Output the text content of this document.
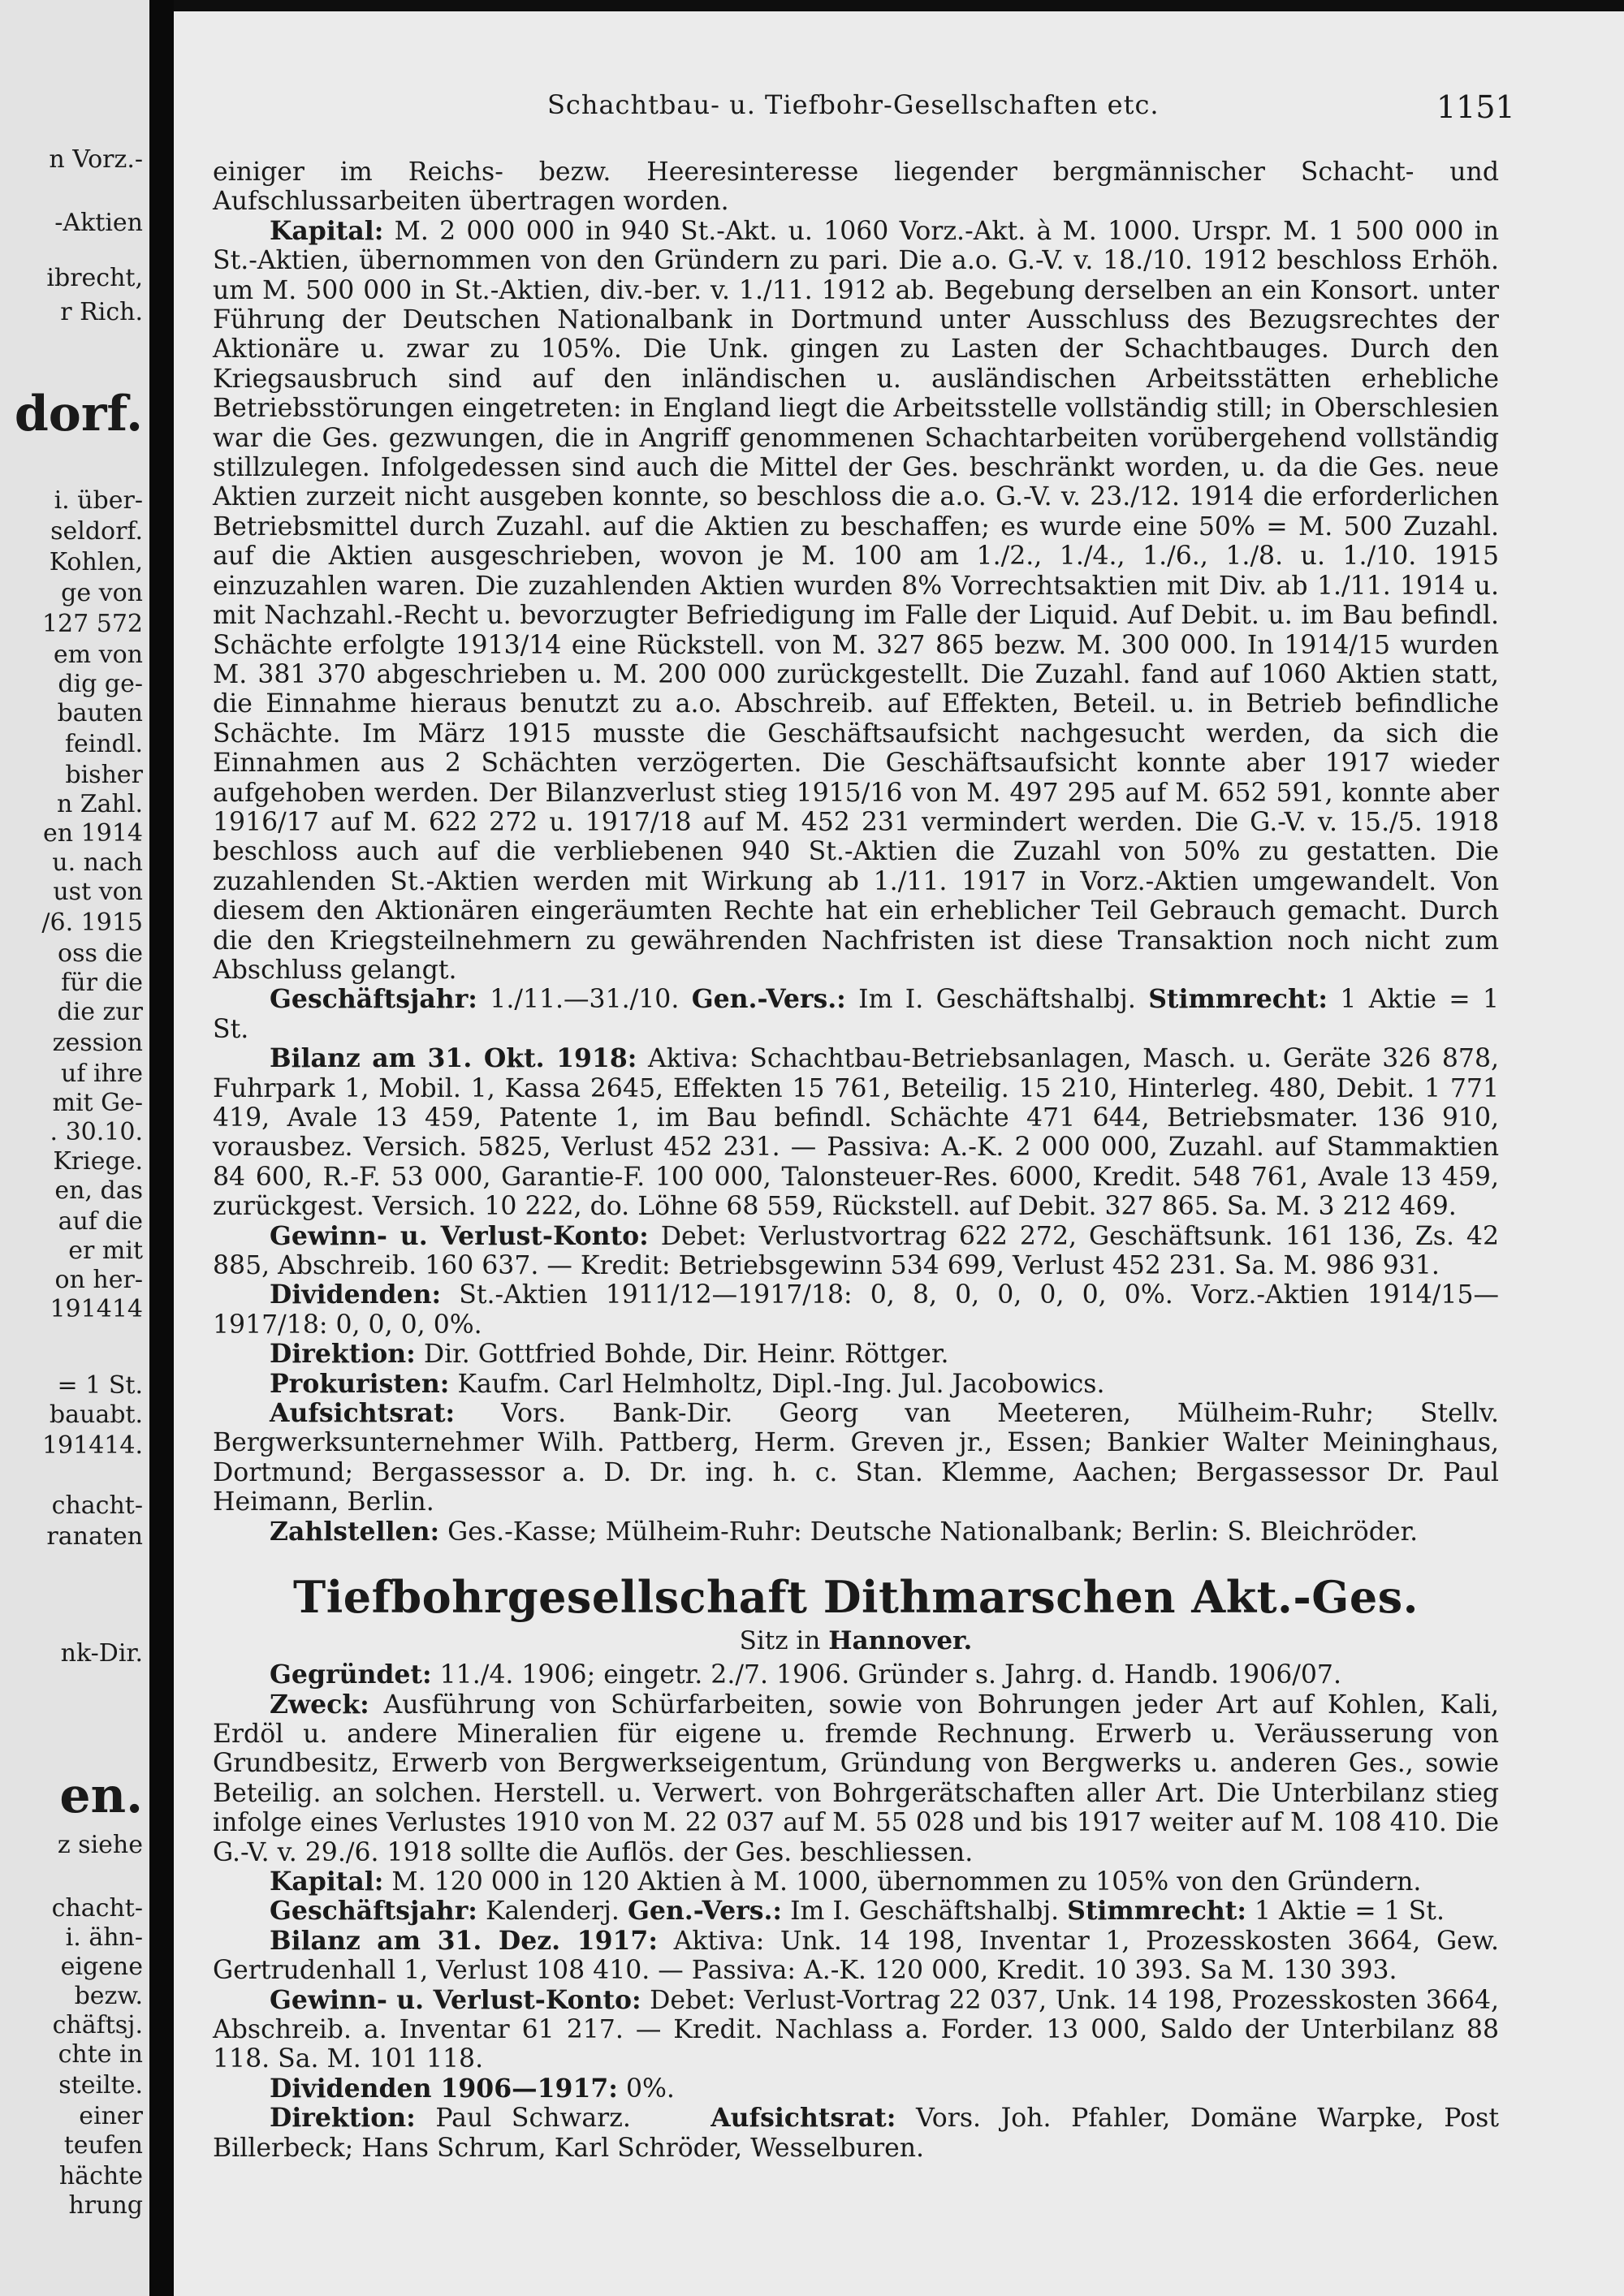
n Vorz.-
-Aktien
ibrecht,
r Rich.
dorf.
i. über-
seldorf.
Kohlen,
ge von
127 572
em von
dig ge-
bauten
feindl.
bisher
n Zahl.
en 1914
u. nach
ust von
/6. 1915
oss die
für die
die zur
zession
uf ihre
mit Ge-
. 30.10.
Kriege.
en, das
auf die
er mit
on her-
191414
= 1 St.
bauabt.
191414.
chacht-
ranaten
nk-Dir.
en.
z siehe
chacht-
i. ähn-
eigene
bezw.
chäftsj.
chte in
steilte.
einer
teufen
hächte
hrung
Schachtbau- u. Tiefbohr-Gesellschaften etc.	1151

einiger im Reichs- bezw. Heeresinteresse liegender bergmännischer Schacht- und Aufschlussarbeiten übertragen worden.

Kapital: M. 2 000 000 in 940 St.-Akt. u. 1060 Vorz.-Akt. à M. 1000. Urspr. M. 1 500 000 in St.-Aktien, übernommen von den Gründern zu pari. Die a.o. G.-V. v. 18./10. 1912 beschloss Erhöh. um M. 500 000 in St.-Aktien, div.-ber. v. 1./11. 1912 ab. Begebung derselben an ein Konsort. unter Führung der Deutschen Nationalbank in Dortmund unter Ausschluss des Bezugsrechtes der Aktionäre u. zwar zu 105%. Die Unk. gingen zu Lasten der Schachtbauges. Durch den Kriegsausbruch sind auf den inländischen u. ausländischen Arbeitsstätten erhebliche Betriebsstörungen eingetreten: in England liegt die Arbeitsstelle vollständig still; in Oberschlesien war die Ges. gezwungen, die in Angriff genommenen Schachtarbeiten vorübergehend vollständig stillzulegen. Infolgedessen sind auch die Mittel der Ges. beschränkt worden, u. da die Ges. neue Aktien zurzeit nicht ausgeben konnte, so beschloss die a.o. G.-V. v. 23./12. 1914 die erforderlichen Betriebsmittel durch Zuzahl. auf die Aktien zu beschaffen; es wurde eine 50% = M. 500 Zuzahl. auf die Aktien ausgeschrieben, wovon je M. 100 am 1./2., 1./4., 1./6., 1./8. u. 1./10. 1915 einzuzahlen waren. Die zuzahlenden Aktien wurden 8% Vorrechtsaktien mit Div. ab 1./11. 1914 u. mit Nachzahl.-Recht u. bevorzugter Befriedigung im Falle der Liquid. Auf Debit. u. im Bau befindl. Schächte erfolgte 1913/14 eine Rückstell. von M. 327 865 bezw. M. 300 000. In 1914/15 wurden M. 381 370 abgeschrieben u. M. 200 000 zurückgestellt. Die Zuzahl. fand auf 1060 Aktien statt, die Einnahme hieraus benutzt zu a.o. Abschreib. auf Effekten, Beteil. u. in Betrieb befindliche Schächte. Im März 1915 musste die Geschäftsaufsicht nachgesucht werden, da sich die Einnahmen aus 2 Schächten verzögerten. Die Geschäftsaufsicht konnte aber 1917 wieder aufgehoben werden. Der Bilanzverlust stieg 1915/16 von M. 497 295 auf M. 652 591, konnte aber 1916/17 auf M. 622 272 u. 1917/18 auf M. 452 231 vermindert werden. Die G.-V. v. 15./5. 1918 beschloss auch auf die verbliebenen 940 St.-Aktien die Zuzahl von 50% zu gestatten. Die zuzahlenden St.-Aktien werden mit Wirkung ab 1./11. 1917 in Vorz.-Aktien umgewandelt. Von diesem den Aktionären eingeräumten Rechte hat ein erheblicher Teil Gebrauch gemacht. Durch die den Kriegsteilnehmern zu gewährenden Nachfristen ist diese Transaktion noch nicht zum Abschluss gelangt.

Geschäftsjahr: 1./11.—31./10. Gen.-Vers.: Im I. Geschäftshalbj. Stimmrecht: 1 Aktie = 1 St.

Bilanz am 31. Okt. 1918: Aktiva: Schachtbau-Betriebsanlagen, Masch. u. Geräte 326 878, Fuhrpark 1, Mobil. 1, Kassa 2645, Effekten 15 761, Beteilig. 15 210, Hinterleg. 480, Debit. 1 771 419, Avale 13 459, Patente 1, im Bau befindl. Schächte 471 644, Betriebsmater. 136 910, vorausbez. Versich. 5825, Verlust 452 231. — Passiva: A.-K. 2 000 000, Zuzahl. auf Stammaktien 84 600, R.-F. 53 000, Garantie-F. 100 000, Talonsteuer-Res. 6000, Kredit. 548 761, Avale 13 459, zurückgest. Versich. 10 222, do. Löhne 68 559, Rückstell. auf Debit. 327 865. Sa. M. 3 212 469.

Gewinn- u. Verlust-Konto: Debet: Verlustvortrag 622 272, Geschäftsunk. 161 136, Zs. 42 885, Abschreib. 160 637. — Kredit: Betriebsgewinn 534 699, Verlust 452 231. Sa. M. 986 931.

Dividenden: St.-Aktien 1911/12—1917/18: 0, 8, 0, 0, 0, 0, 0%. Vorz.-Aktien 1914/15—1917/18: 0, 0, 0, 0%.

Direktion: Dir. Gottfried Bohde, Dir. Heinr. Röttger.

Prokuristen: Kaufm. Carl Helmholtz, Dipl.-Ing. Jul. Jacobowics.

Aufsichtsrat: Vors. Bank-Dir. Georg van Meeteren, Mülheim-Ruhr; Stellv. Bergwerksunternehmer Wilh. Pattberg, Herm. Greven jr., Essen; Bankier Walter Meininghaus, Dortmund; Bergassessor a. D. Dr. ing. h. c. Stan. Klemme, Aachen; Bergassessor Dr. Paul Heimann, Berlin.

Zahlstellen: Ges.-Kasse; Mülheim-Ruhr: Deutsche Nationalbank; Berlin: S. Bleichröder.

Tiefbohrgesellschaft Dithmarschen Akt.-Ges.
Sitz in Hannover.

Gegründet: 11./4. 1906; eingetr. 2./7. 1906. Gründer s. Jahrg. d. Handb. 1906/07.

Zweck: Ausführung von Schürfarbeiten, sowie von Bohrungen jeder Art auf Kohlen, Kali, Erdöl u. andere Mineralien für eigene u. fremde Rechnung. Erwerb u. Veräusserung von Grundbesitz, Erwerb von Bergwerkseigentum, Gründung von Bergwerks u. anderen Ges., sowie Beteilig. an solchen. Herstell. u. Verwert. von Bohrgerätschaften aller Art. Die Unterbilanz stieg infolge eines Verlustes 1910 von M. 22 037 auf M. 55 028 und bis 1917 weiter auf M. 108 410. Die G.-V. v. 29./6. 1918 sollte die Auflös. der Ges. beschliessen.

Kapital: M. 120 000 in 120 Aktien à M. 1000, übernommen zu 105% von den Gründern.

Geschäftsjahr: Kalenderj. Gen.-Vers.: Im I. Geschäftshalbj. Stimmrecht: 1 Aktie = 1 St.

Bilanz am 31. Dez. 1917: Aktiva: Unk. 14 198, Inventar 1, Prozesskosten 3664, Gew. Gertrudenhall 1, Verlust 108 410. — Passiva: A.-K. 120 000, Kredit. 10 393. Sa M. 130 393.

Gewinn- u. Verlust-Konto: Debet: Verlust-Vortrag 22 037, Unk. 14 198, Prozesskosten 3664, Abschreib. a. Inventar 61 217. — Kredit. Nachlass a. Forder. 13 000, Saldo der Unterbilanz 88 118. Sa. M. 101 118.

Dividenden 1906—1917: 0%.

Direktion: Paul Schwarz.	Aufsichtsrat: Vors. Joh. Pfahler, Domäne Warpke, Post Billerbeck; Hans Schrum, Karl Schröder, Wesselburen.
